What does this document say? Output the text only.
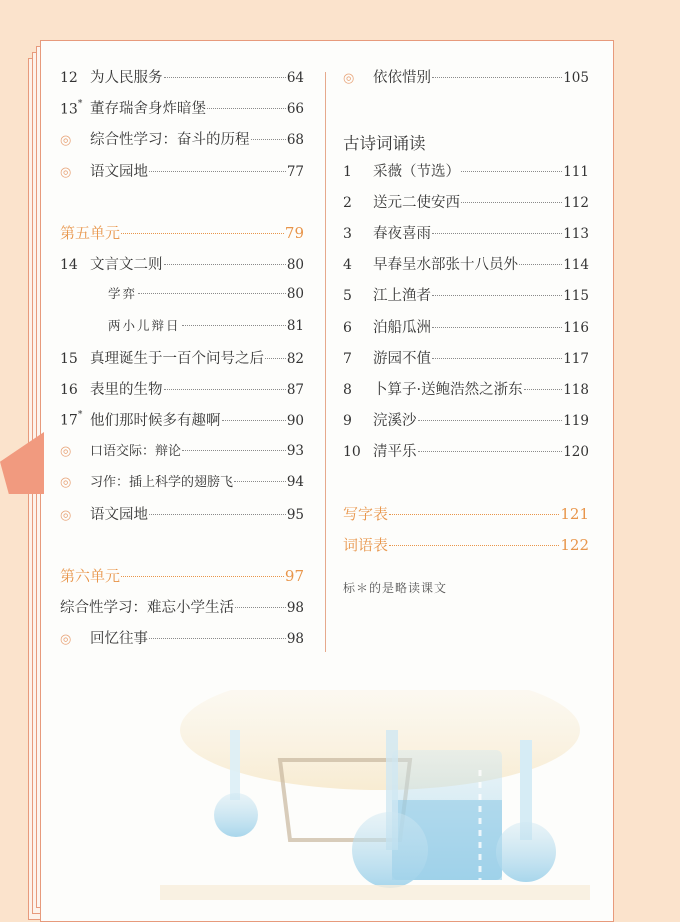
12 为人民服务	64
13* 董存瑞舍身炸暗堡	66
◎	综合性学习：奋斗的历程	68
◎	语文园地	77
第五单元	79
14 文言文二则	80
学弈	80
两小儿辩日	81
15 真理诞生于一百个问号之后 82
16 表里的生物	87
17* 他们那时候多有趣啊	90
◎	口语交际：辩论	93
◎	习作：插上科学的翅膀飞	94
◎	语文园地	95
第六单元	97
综合性学习：难忘小学生活	98
◎	回忆往事	98
◎	依依惜别	105
古诗词诵读
1	采薇（节选）	111
2	送元二使安西	112
3	春夜喜雨	113
4	早春呈水部张十八员外	114
5	江上渔者	115
6	泊船瓜洲	116
7	游园不值	117
8	卜算子·送鲍浩然之浙东	118
9	浣溪沙	119
10 清平乐	120
写字表	121
词语表	122
标＊的是略读课文
